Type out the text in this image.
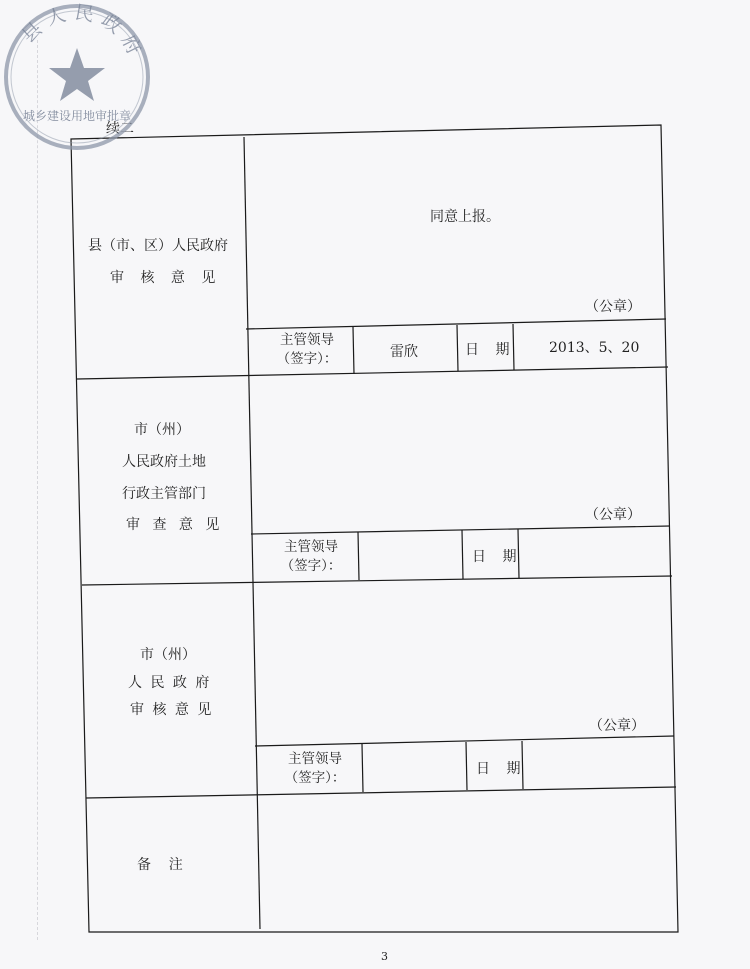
续二
县（市、区）人民政府
审 核 意 见
同意上报。
（公章）
主管领导
（签字）：	雷欣	日 期 2013、5、20
县人民政府
城乡建设用地审批章
市（州）
人民政府土地
行政主管部门
审 查 意 见
（公章）
主管领导
（签字）：
日 期
市（州）
人 民 政 府
审 核 意 见
（公章）
主管领导
（签字）：
日 期
备    注
3
